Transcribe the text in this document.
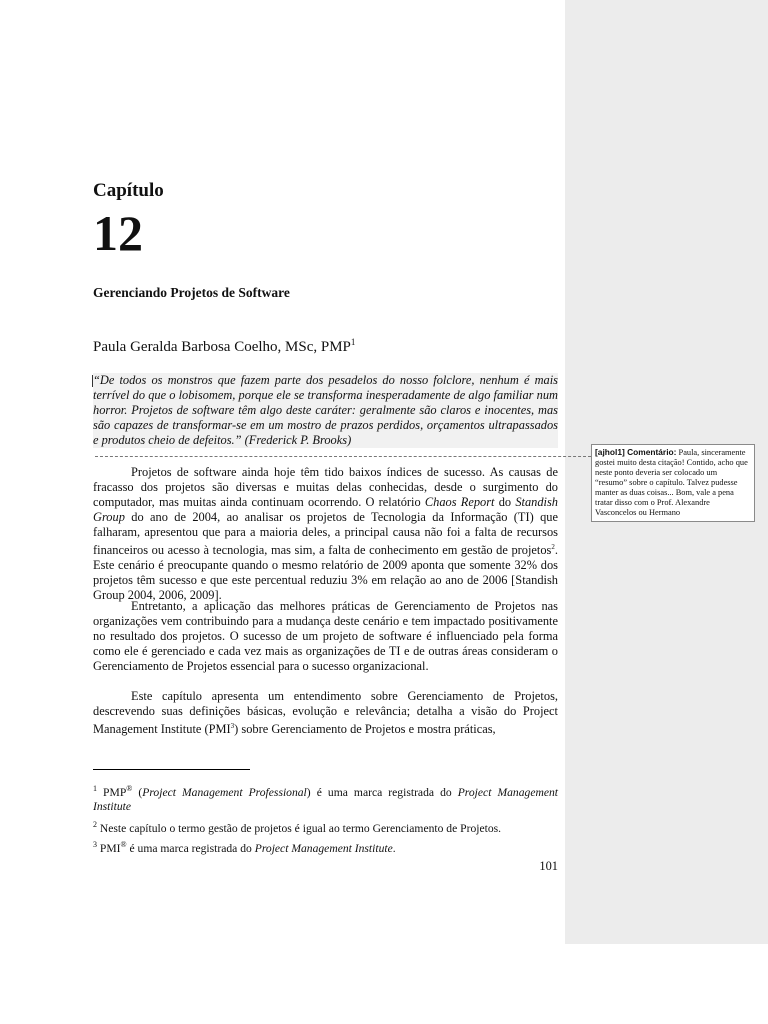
Capítulo
12
Gerenciando Projetos de Software
Paula Geralda Barbosa Coelho, MSc, PMP$^1$
“De todos os monstros que fazem parte dos pesadelos do nosso folclore, nenhum é mais terrível do que o lobisomem, porque ele se transforma inesperadamente de algo familiar num horror. Projetos de software têm algo deste caráter: geralmente são claros e inocentes, mas são capazes de transformar-se em um mostro de prazos perdidos, orçamentos ultrapassados e produtos cheio de defeitos.” (Frederick P. Brooks)

Projetos de software ainda hoje têm tido baixos índices de sucesso. As causas de fracasso dos projetos são diversas e muitas delas conhecidas, desde o surgimento do computador, mas muitas ainda continuam ocorrendo. O relatório Chaos Report do Standish Group do ano de 2004, ao analisar os projetos de Tecnologia da Informação (TI) que falharam, apresentou que para a maioria deles, a principal causa não foi a falta de recursos financeiros ou acesso à tecnologia, mas sim, a falta de conhecimento em gestão de projetos$^2$. Este cenário é preocupante quando o mesmo relatório de 2009 aponta que somente 32% dos projetos têm sucesso e que este percentual reduziu 3% em relação ao ano de 2006 [Standish Group 2004, 2006, 2009].

Entretanto, a aplicação das melhores práticas de Gerenciamento de Projetos nas organizações vem contribuindo para a mudança deste cenário e tem impactado positivamente no resultado dos projetos. O sucesso de um projeto de software é influenciado pela forma como ele é gerenciado e cada vez mais as organizações de TI e de outras áreas consideram o Gerenciamento de Projetos essencial para o sucesso organizacional.

Este capítulo apresenta um entendimento sobre Gerenciamento de Projetos, descrevendo suas definições básicas, evolução e relevância; detalha a visão do Project Management Institute (PMI$^3$) sobre Gerenciamento de Projetos e mostra práticas,

$^1$ PMP® (Project Management Professional) é uma marca registrada do Project Management Institute
$^2$ Neste capítulo o termo gestão de projetos é igual ao termo Gerenciamento de Projetos.
$^3$ PMI® é uma marca registrada do Project Management Institute.
101
[ajhol1] Comentário: Paula, sinceramente gostei muito desta citação! Contido, acho que neste ponto deveria ser colocado um “resumo” sobre o capítulo. Talvez pudesse manter as duas coisas... Bom, vale a pena tratar disso com o Prof. Alexandre Vasconcelos ou Hermano
